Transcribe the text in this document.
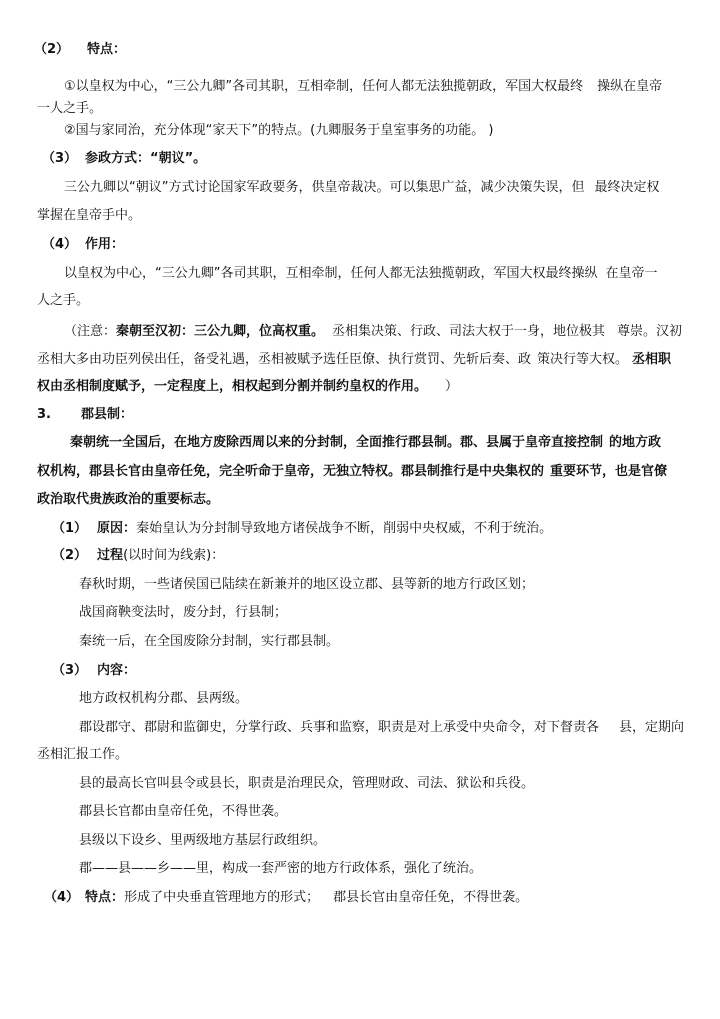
（2） 特点：
①以皇权为中心，“三公九卿”各司其职，互相牵制，任何人都无法独揽朝政，军国大权最终 操纵在皇帝
一人之手。
②国与家同治，充分体现“家天下”的特点。(九卿服务于皇室事务的功能。 )
（3） 参政方式：“朝议”。
三公九卿以“朝议”方式讨论国家军政要务，供皇帝裁决。可以集思广益，减少决策失误，但 最终决定权
掌握在皇帝手中。
（4） 作用：
以皇权为中心，“三公九卿”各司其职，互相牵制，任何人都无法独揽朝政，军国大权最终操纵 在皇帝一
人之手。
（注意：秦朝至汉初：三公九卿，位高权重。 丞相集决策、行政、司法大权于一身，地位极其 尊崇。汉初
丞相大多由功臣列侯出任，备受礼遇，丞相被赋予选任臣僚、执行赏罚、先斩后奏、政 策决行等大权。 丞相职
权由丞相制度赋予，一定程度上，相权起到分割并制约皇权的作用。 ）
3. 郡县制：
秦朝统一全国后，在地方废除西周以来的分封制，全面推行郡县制。郡、县属于皇帝直接控制 的地方政
权机构，郡县长官由皇帝任免，完全听命于皇帝，无独立特权。郡县制推行是中央集权的 重要环节，也是官僚
政治取代贵族政治的重要标志。
（1） 原因：秦始皇认为分封制导致地方诸侯战争不断，削弱中央权威，不利于统治。
（2） 过程(以时间为线索)：
春秋时期，一些诸侯国已陆续在新兼并的地区设立郡、县等新的地方行政区划；
战国商鞅变法时，废分封，行县制；
秦统一后，在全国废除分封制，实行郡县制。
（3） 内容：
地方政权机构分郡、县两级。
郡设郡守、郡尉和监御史，分掌行政、兵事和监察，职责是对上承受中央命令，对下督责各 县，定期向
丞相汇报工作。
县的最高长官叫县令或县长，职责是治理民众，管理财政、司法、狱讼和兵役。
郡县长官都由皇帝任免，不得世袭。
县级以下设乡、里两级地方基层行政组织。
郡——县——乡——里，构成一套严密的地方行政体系，强化了统治。
（4） 特点：形成了中央垂直管理地方的形式； 郡县长官由皇帝任免，不得世袭。
